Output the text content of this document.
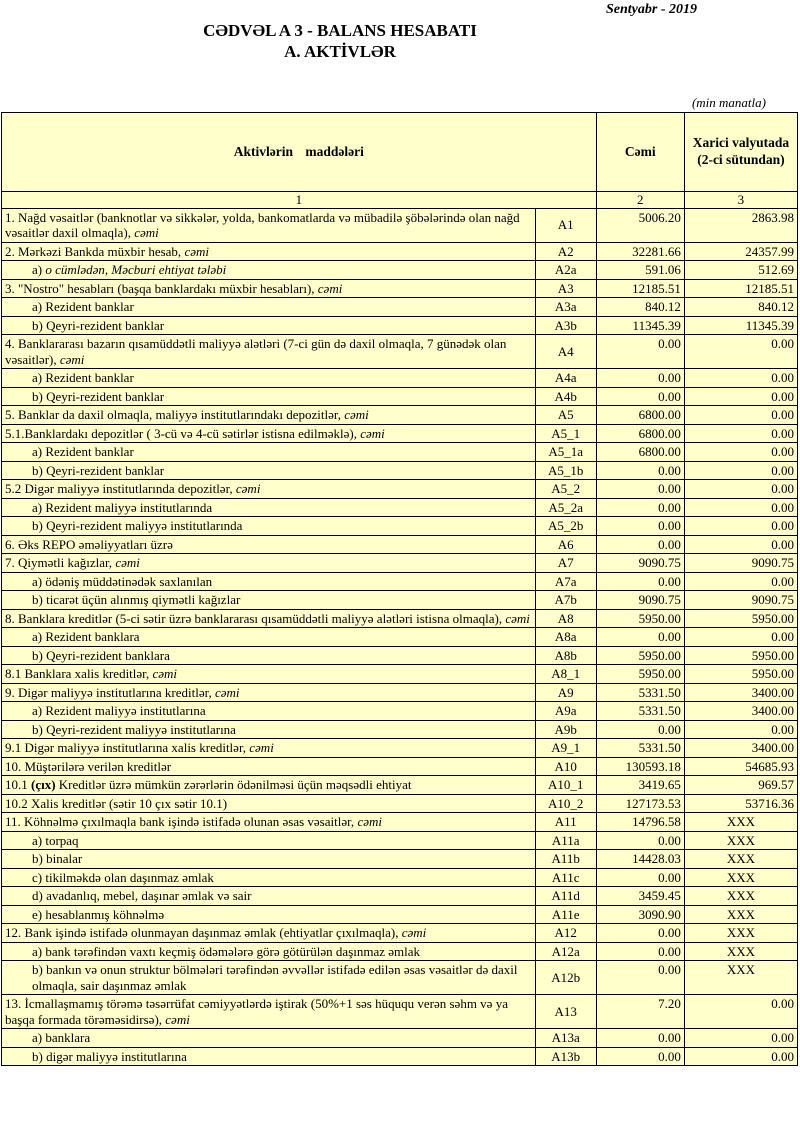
Sentyabr - 2019
CƏDVƏL A 3 - BALANS HESABATI
A. AKTİVLƏR
(min manatla)
Aktivlərin maddələri		Cəmi	Xarici valyutada (2-ci sütundan)
1		2	3
1. Nağd vəsaitlər (banknotlar və sikkələr, yolda, bankomatlarda və mübadilə şöbələrində olan nağd vəsaitlər daxil olmaqla), cəmi	A1	5006.20	2863.98
2. Mərkəzi Bankda müxbir hesab, cəmi	A2	32281.66	24357.99
a) o cümlədən, Məcburi ehtiyat tələbi	A2a	591.06	512.69
3. "Nostro" hesabları (başqa banklardakı müxbir hesabları), cəmi	A3	12185.51	12185.51
a) Rezident banklar	A3a	840.12	840.12
b) Qeyri-rezident banklar	A3b	11345.39	11345.39
4. Banklararası bazarın qısamüddətli maliyyə alətləri (7-ci gün də daxil olmaqla, 7 günədək olan vəsaitlər), cəmi	A4	0.00	0.00
a) Rezident banklar	A4a	0.00	0.00
b) Qeyri-rezident banklar	A4b	0.00	0.00
5. Banklar da daxil olmaqla, maliyyə institutlarındakı depozitlər, cəmi	A5	6800.00	0.00
5.1.Banklardakı depozitlər ( 3-cü və 4-cü sətirlər istisna edilməklə), cəmi	A5_1	6800.00	0.00
a) Rezident banklar	A5_1a	6800.00	0.00
b) Qeyri-rezident banklar	A5_1b	0.00	0.00
5.2 Digər maliyyə institutlarında depozitlər, cəmi	A5_2	0.00	0.00
a) Rezident maliyyə institutlarında	A5_2a	0.00	0.00
b) Qeyri-rezident maliyyə institutlarında	A5_2b	0.00	0.00
6. Əks REPO əməliyyatları üzrə	A6	0.00	0.00
7. Qiymətli kağızlar, cəmi	A7	9090.75	9090.75
a) ödəniş müddətinədək saxlanılan	A7a	0.00	0.00
b) ticarət üçün alınmış qiymətli kağızlar	A7b	9090.75	9090.75
8. Banklara kreditlər (5-ci sətir üzrə banklararası qısamüddətli maliyyə alətləri istisna olmaqla), cəmi	A8	5950.00	5950.00
a) Rezident banklara	A8a	0.00	0.00
b) Qeyri-rezident banklara	A8b	5950.00	5950.00
8.1 Banklara xalis kreditlər, cəmi	A8_1	5950.00	5950.00
9. Digər maliyyə institutlarına kreditlər, cəmi	A9	5331.50	3400.00
a) Rezident maliyyə institutlarına	A9a	5331.50	3400.00
b) Qeyri-rezident maliyyə institutlarına	A9b	0.00	0.00
9.1 Digər maliyyə institutlarına xalis kreditlər, cəmi	A9_1	5331.50	3400.00
10. Müştərilərə verilən kreditlər	A10	130593.18	54685.93
10.1 (çıx) Kreditlər üzrə mümkün zərərlərin ödənilməsi üçün məqsədli ehtiyat	A10_1	3419.65	969.57
10.2 Xalis kreditlər (sətir 10 çıx sətir 10.1)	A10_2	127173.53	53716.36
11. Köhnəlmə çıxılmaqla bank işində istifadə olunan əsas vəsaitlər, cəmi	A11	14796.58	XXX
a) torpaq	A11a	0.00	XXX
b) binalar	A11b	14428.03	XXX
c) tikilməkdə olan daşınmaz əmlak	A11c	0.00	XXX
d) avadanlıq, mebel, daşınar əmlak və sair	A11d	3459.45	XXX
e) hesablanmış köhnəlmə	A11e	3090.90	XXX
12. Bank işində istifadə olunmayan daşınmaz əmlak (ehtiyatlar çıxılmaqla), cəmi	A12	0.00	XXX
a) bank tərəfindən vaxtı keçmiş ödəmələrə görə götürülən daşınmaz əmlak	A12a	0.00	XXX
b) bankın və onun struktur bölmələri tərəfindən əvvəllər istifadə edilən əsas vəsaitlər də daxil olmaqla, sair daşınmaz əmlak	A12b	0.00	XXX
13. İcmallaşmamış törəmə təsərrüfat cəmiyyətlərdə iştirak (50%+1 səs hüququ verən səhm və ya başqa formada törəməsidirsə), cəmi	A13	7.20	0.00
a) banklara	A13a	0.00	0.00
b) digər maliyyə institutlarına	A13b	0.00	0.00
